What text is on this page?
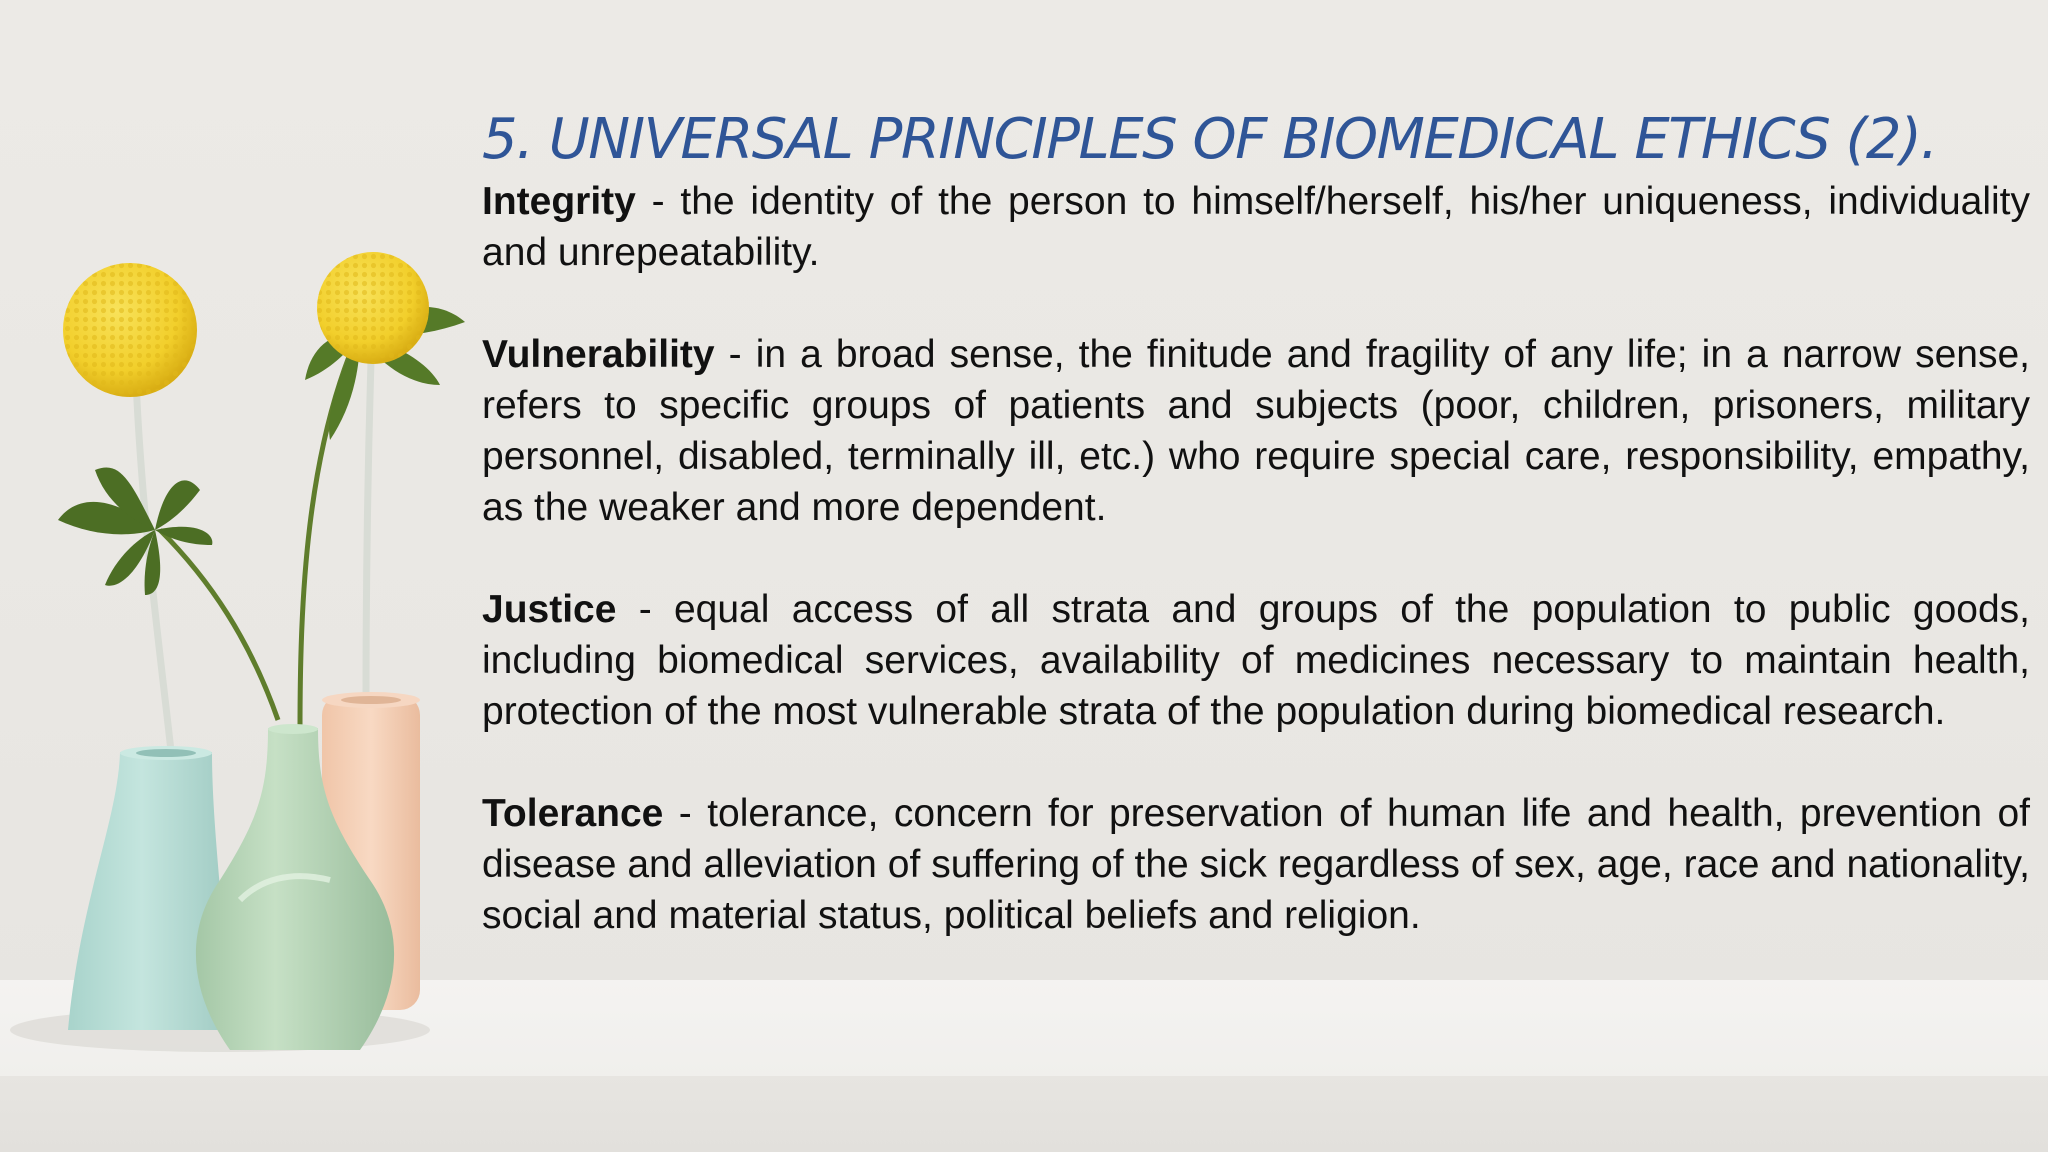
5. UNIVERSAL PRINCIPLES OF BIOMEDICAL ETHICS (2).

Integrity - the identity of the person to himself/herself, his/her uniqueness, individuality and unrepeatability.

Vulnerability - in a broad sense, the finitude and fragility of any life; in a narrow sense, refers to specific groups of patients and subjects (poor, children, prisoners, military personnel, disabled, terminally ill, etc.) who require special care, responsibility, empathy, as the weaker and more dependent.

Justice - equal access of all strata and groups of the population to public goods, including biomedical services, availability of medicines necessary to maintain health, protection of the most vulnerable strata of the population during biomedical research.

Tolerance - tolerance, concern for preservation of human life and health, prevention of disease and alleviation of suffering of the sick regardless of sex, age, race and nationality, social and material status, political beliefs and religion.
